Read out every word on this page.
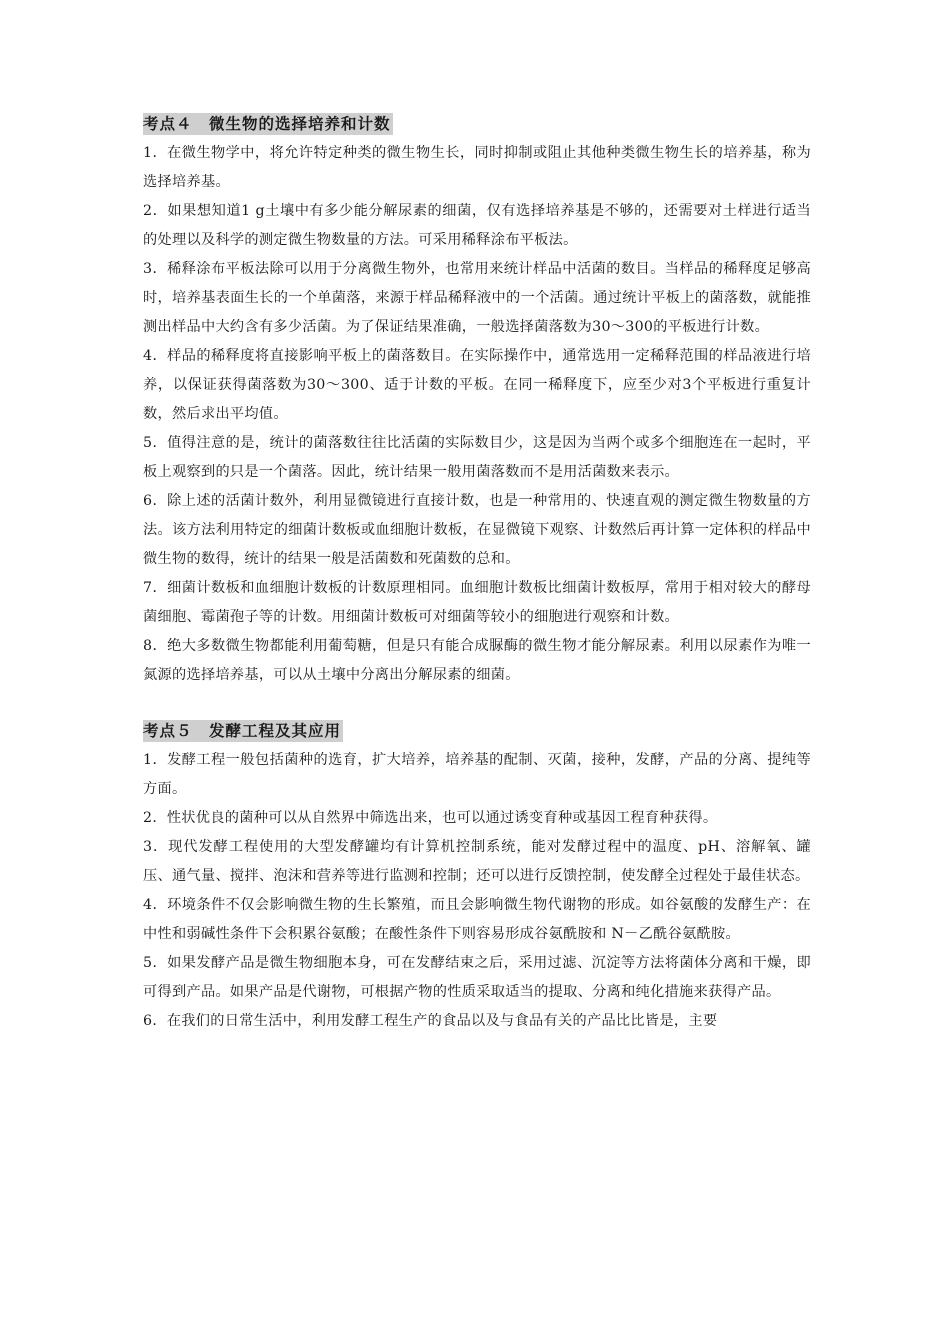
考点４　微生物的选择培养和计数

1．在微生物学中，将允许特定种类的微生物生长，同时抑制或阻止其他种类微生物生长的培养基，称为选择培养基。

2．如果想知道1 g土壤中有多少能分解尿素的细菌，仅有选择培养基是不够的，还需要对土样进行适当的处理以及科学的测定微生物数量的方法。可采用稀释涂布平板法。

3．稀释涂布平板法除可以用于分离微生物外，也常用来统计样品中活菌的数目。当样品的稀释度足够高时，培养基表面生长的一个单菌落，来源于样品稀释液中的一个活菌。通过统计平板上的菌落数，就能推测出样品中大约含有多少活菌。为了保证结果准确，一般选择菌落数为30～300的平板进行计数。

4．样品的稀释度将直接影响平板上的菌落数目。在实际操作中，通常选用一定稀释范围的样品液进行培养，以保证获得菌落数为30～300、适于计数的平板。在同一稀释度下，应至少对3个平板进行重复计数，然后求出平均值。

5．值得注意的是，统计的菌落数往往比活菌的实际数目少，这是因为当两个或多个细胞连在一起时，平板上观察到的只是一个菌落。因此，统计结果一般用菌落数而不是用活菌数来表示。

6．除上述的活菌计数外，利用显微镜进行直接计数，也是一种常用的、快速直观的测定微生物数量的方法。该方法利用特定的细菌计数板或血细胞计数板，在显微镜下观察、计数然后再计算一定体积的样品中微生物的数得，统计的结果一般是活菌数和死菌数的总和。

7．细菌计数板和血细胞计数板的计数原理相同。血细胞计数板比细菌计数板厚，常用于相对较大的酵母菌细胞、霉菌孢子等的计数。用细菌计数板可对细菌等较小的细胞进行观察和计数。

8．绝大多数微生物都能利用葡萄糖，但是只有能合成脲酶的微生物才能分解尿素。利用以尿素作为唯一氮源的选择培养基，可以从土壤中分离出分解尿素的细菌。

考点５　发酵工程及其应用

1．发酵工程一般包括菌种的选育，扩大培养，培养基的配制、灭菌，接种，发酵，产品的分离、提纯等方面。

2．性状优良的菌种可以从自然界中筛选出来，也可以通过诱变育种或基因工程育种获得。

3．现代发酵工程使用的大型发酵罐均有计算机控制系统，能对发酵过程中的温度、pH、溶解氧、罐压、通气量、搅拌、泡沫和营养等进行监测和控制；还可以进行反馈控制，使发酵全过程处于最佳状态。

4．环境条件不仅会影响微生物的生长繁殖，而且会影响微生物代谢物的形成。如谷氨酸的发酵生产：在中性和弱碱性条件下会积累谷氨酸；在酸性条件下则容易形成谷氨酰胺和 N－乙酰谷氨酰胺。

5．如果发酵产品是微生物细胞本身，可在发酵结束之后，采用过滤、沉淀等方法将菌体分离和干燥，即可得到产品。如果产品是代谢物，可根据产物的性质采取适当的提取、分离和纯化措施来获得产品。

6．在我们的日常生活中，利用发酵工程生产的食品以及与食品有关的产品比比皆是，主要
